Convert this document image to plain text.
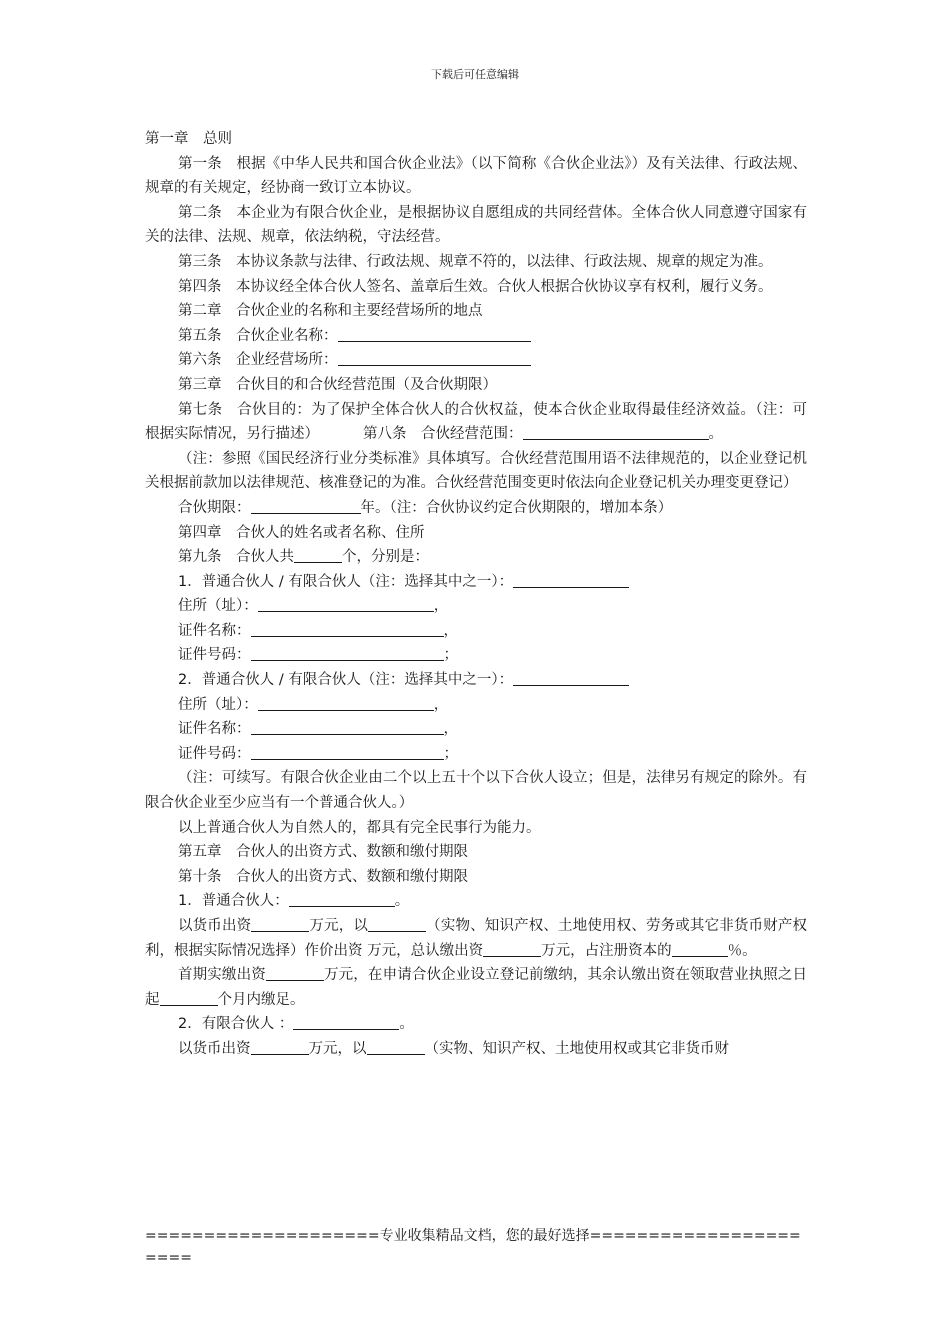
下载后可任意编辑

第一章　总则

第一条　根据《中华人民共和国合伙企业法》（以下简称《合伙企业法》）及有关法律、行政法规、规章的有关规定，经协商一致订立本协议。

第二条　本企业为有限合伙企业，是根据协议自愿组成的共同经营体。全体合伙人同意遵守国家有关的法律、法规、规章，依法纳税，守法经营。

第三条　本协议条款与法律、行政法规、规章不符的，以法律、行政法规、规章的规定为准。

第四条　本协议经全体合伙人签名、盖章后生效。合伙人根据合伙协议享有权利，履行义务。

第二章　合伙企业的名称和主要经营场所的地点

第五条　合伙企业名称：

第六条　企业经营场所：

第三章　合伙目的和合伙经营范围（及合伙期限）

第七条　合伙目的：为了保护全体合伙人的合伙权益，使本合伙企业取得最佳经济效益。（注：可根据实际情况，另行描述）	第八条　合伙经营范围：	。

（注：参照《国民经济行业分类标准》具体填写。合伙经营范围用语不法律规范的，以企业登记机关根据前款加以法律规范、核准登记的为准。合伙经营范围变更时依法向企业登记机关办理变更登记）

合伙期限：	年。（注：合伙协议约定合伙期限的，增加本条）

第四章　合伙人的姓名或者名称、住所

第九条　合伙人共	个，分别是：

1．普通合伙人 / 有限合伙人（注：选择其中之一）：

住所（址）：	，

证件名称：	，

证件号码：	；

2．普通合伙人 / 有限合伙人（注：选择其中之一）：

住所（址）：	，

证件名称：	，

证件号码：	；

（注：可续写。有限合伙企业由二个以上五十个以下合伙人设立；但是，法律另有规定的除外。有限合伙企业至少应当有一个普通合伙人。）

以上普通合伙人为自然人的，都具有完全民事行为能力。

第五章　合伙人的出资方式、数额和缴付期限

第十条　合伙人的出资方式、数额和缴付期限

1．普通合伙人：	。

以货币出资	万元，以	（实物、知识产权、土地使用权、劳务或其它非货币财产权利，根据实际情况选择）作价出资 万元，总认缴出资	万元，占注册资本的	％。

首期实缴出资	万元，在申请合伙企业设立登记前缴纳，其余认缴出资在领取营业执照之日起	个月内缴足。

2．有限合伙人 ：	。

以货币出资	万元，以	（实物、知识产权、土地使用权或其它非货币财

====================专业收集精品文档，您的最好选择======================
